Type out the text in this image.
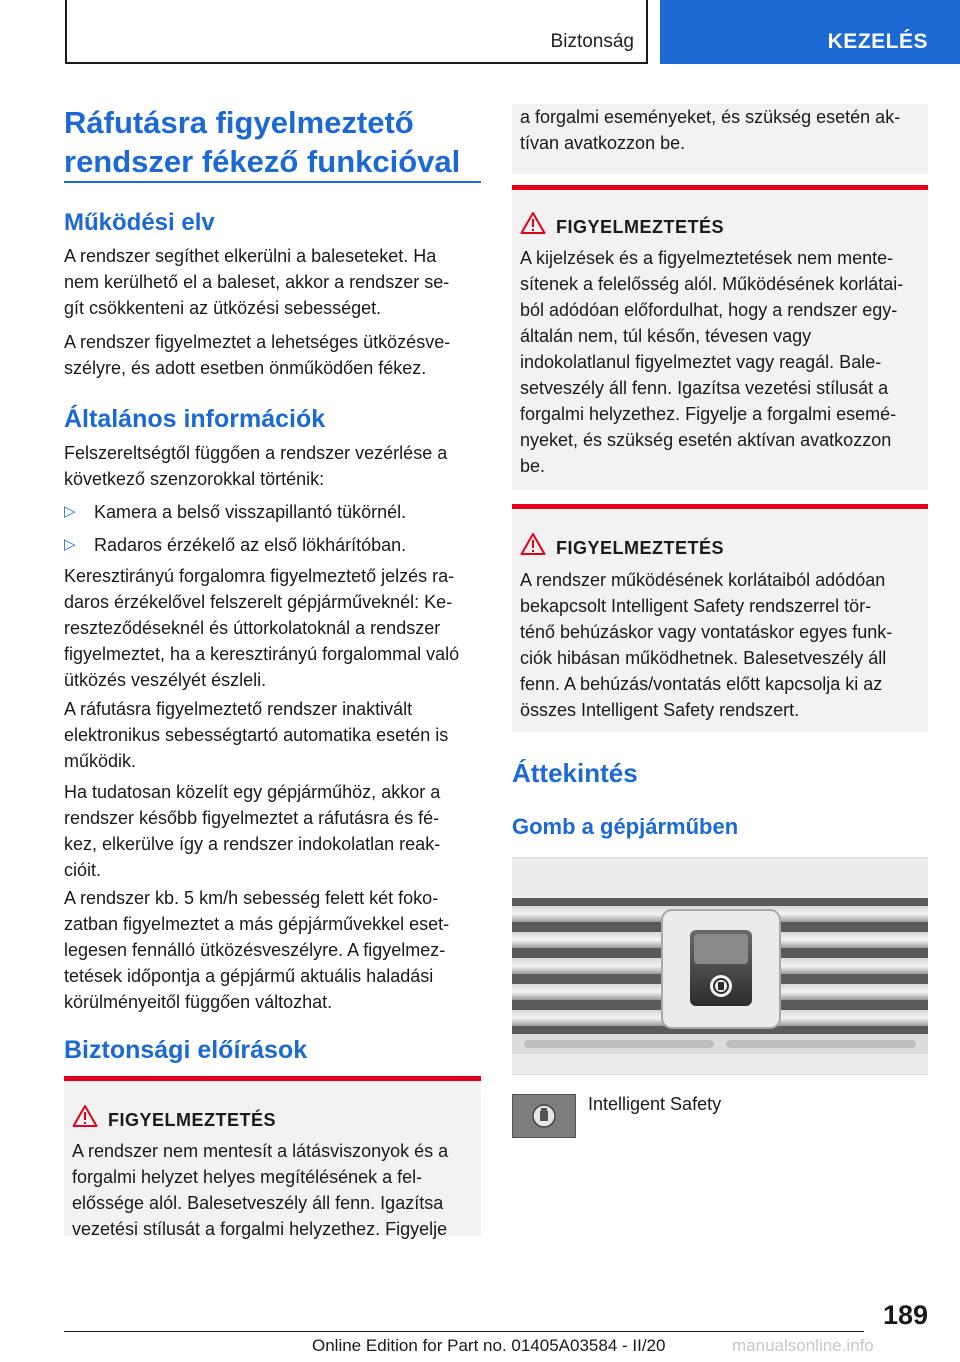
Biztonság	KEZELÉS
Ráfutásra figyelmeztető
rendszer fékező funkcióval
Működési elv

A rendszer segíthet elkerülni a baleseteket. Ha

nem kerülhető el a baleset, akkor a rendszer se-

gít csökkenteni az ütközési sebességet.

A rendszer figyelmeztet a lehetséges ütközésve-

szélyre, és adott esetben önműködően fékez.

Általános információk

Felszereltségtől függően a rendszer vezérlése a

következő szenzorokkal történik:

▷ Kamera a belső visszapillantó tükörnél.
▷ Radaros érzékelő az első lökhárítóban.

Keresztirányú forgalomra figyelmeztető jelzés ra-

daros érzékelővel felszerelt gépjárműveknél: Ke-

reszteződéseknél és úttorkolatoknál a rendszer

figyelmeztet, ha a keresztirányú forgalommal való

ütközés veszélyét észleli.

A ráfutásra figyelmeztető rendszer inaktivált

elektronikus sebességtartó automatika esetén is

működik.

Ha tudatosan közelít egy gépjárműhöz, akkor a

rendszer később figyelmeztet a ráfutásra és fé-

kez, elkerülve így a rendszer indokolatlan reak-

cióit.

A rendszer kb. 5 km/h sebesség felett két foko-

zatban figyelmeztet a más gépjárművekkel eset-

legesen fennálló ütközésveszélyre. A figyelmez-

tetések időpontja a gépjármű aktuális haladási

körülményeitől függően változhat.

Biztonsági előírások
FIGYELMEZTETÉS
A rendszer nem mentesít a látásviszonyok és a
forgalmi helyzet helyes megítélésének a fel-
elősség​e alól. Balesetveszély áll fenn. Igazítsa
vezetési stílusát a forgalmi helyzethez. Figyelje
a forgalmi eseményeket, és szükség esetén ak-
tívan avatkozzon be.
FIGYELMEZTETÉS
A kijelzések és a figyelmeztetések nem mente-
sítenek a felelősség alól. Működésének korlátai-
ból adódóan előfordulhat, hogy a rendszer egy-
általán nem, túl későn, tévesen vagy
indokolatlanul figyelmeztet vagy reagál. Bale-
setveszély áll fenn. Igazítsa vezetési stílusát a
forgalmi helyzethez. Figyelje a forgalmi esemé-
nyeket, és szükség esetén aktívan avatkozzon
be.
FIGYELMEZTETÉS
A rendszer működésének korlátaiból adódóan
bekapcsolt Intelligent Safety rendszerrel tör-
ténő behúzáskor vagy vontatáskor egyes funk-
ciók hibásan működhetnek. Balesetveszély áll
fenn. A behúzás/vontatás előtt kapcsolja ki az
összes Intelligent Safety rendszert.
Áttekintés
Gomb a gépjárműben
Intelligent Safety
189
Online Edition for Part no. 01405A03584 - II/20	manualsonline.info
